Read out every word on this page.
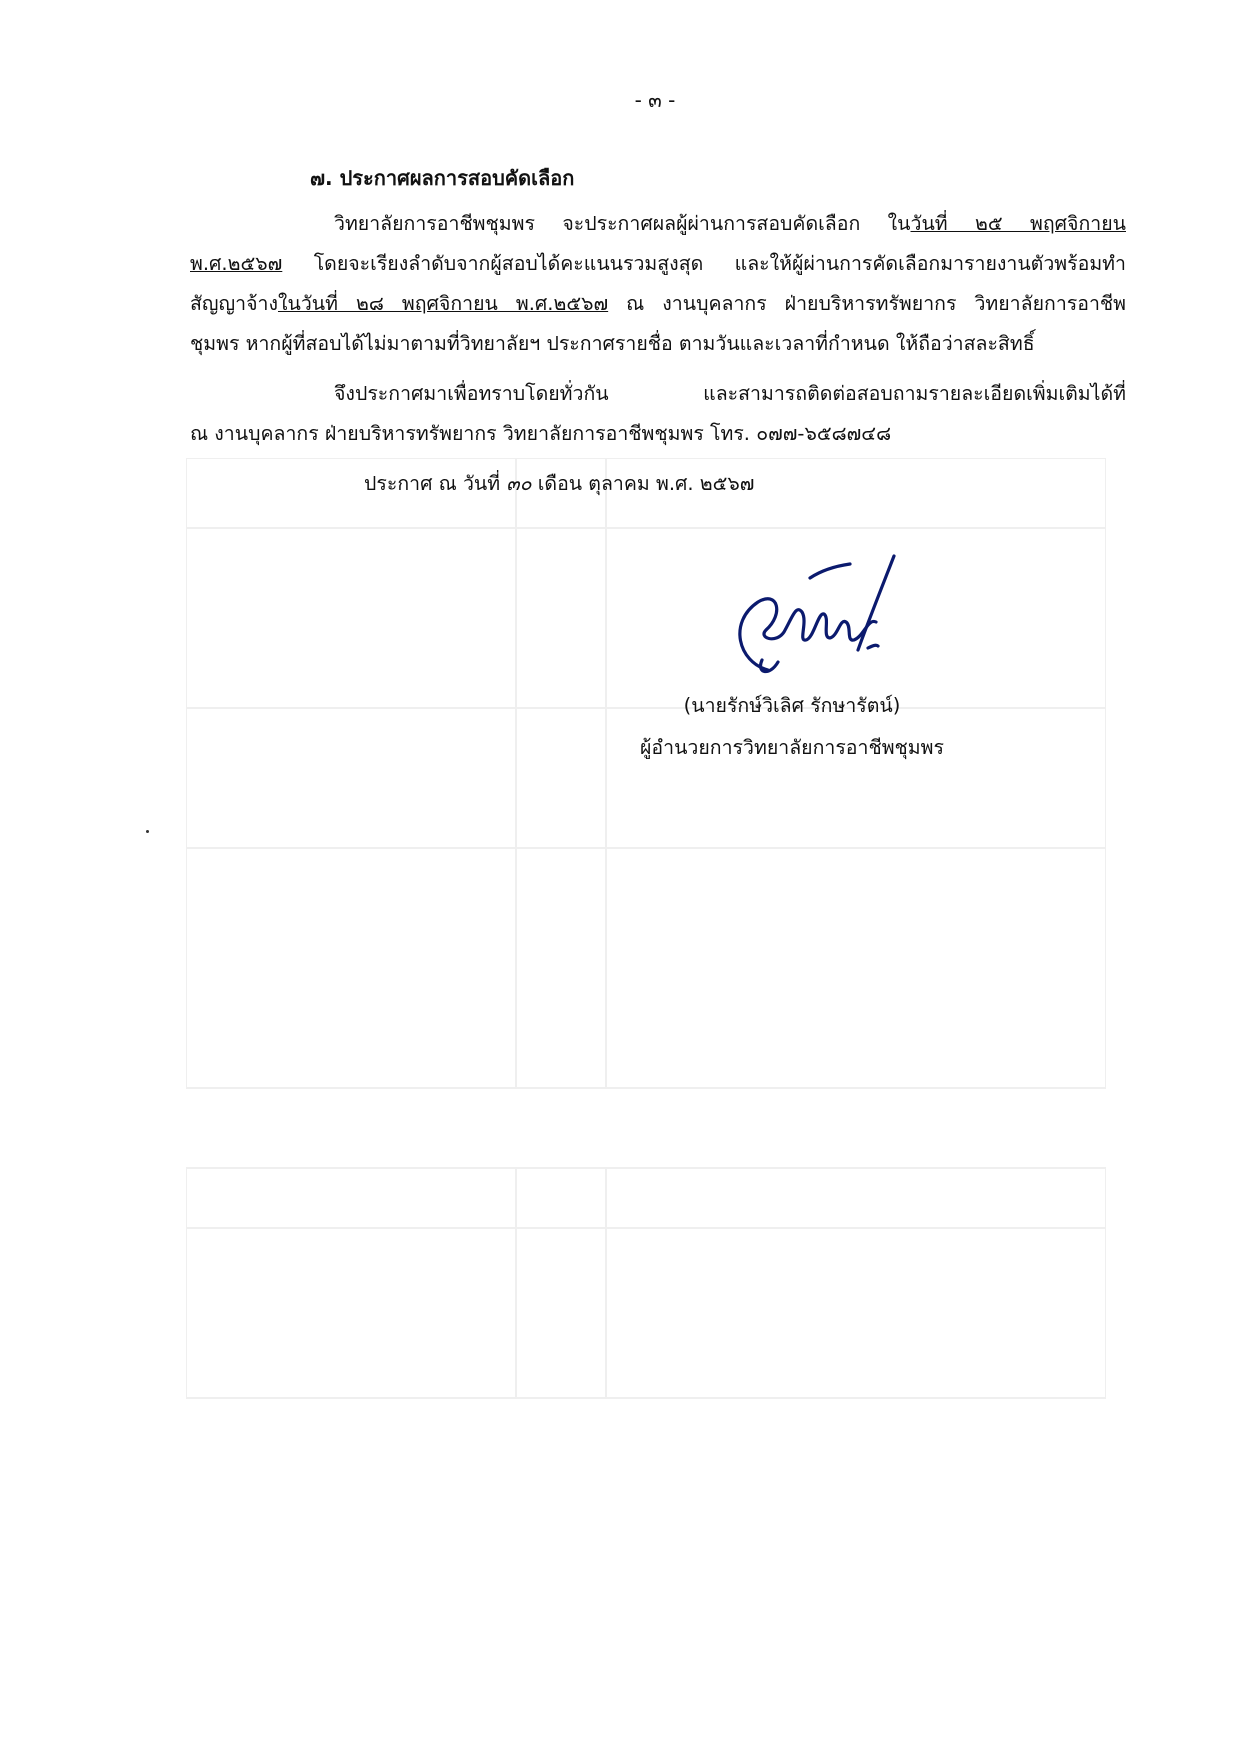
- ๓ -
๗. ประกาศผลการสอบคัดเลือก
วิทยาลัยการอาชีพชุมพร จะประกาศผลผู้ผ่านการสอบคัดเลือก ในวันที่ ๒๕ พฤศจิกายน
พ.ศ.๒๕๖๗ โดยจะเรียงลำดับจากผู้สอบได้คะแนนรวมสูงสุด และให้ผู้ผ่านการคัดเลือกมารายงานตัวพร้อมทำ
สัญญาจ้างในวันที่ ๒๘ พฤศจิกายน พ.ศ.๒๕๖๗ ณ งานบุคลากร ฝ่ายบริหารทรัพยากร วิทยาลัยการอาชีพ
ชุมพร หากผู้ที่สอบได้ไม่มาตามที่วิทยาลัยฯ ประกาศรายชื่อ ตามวันและเวลาที่กำหนด ให้ถือว่าสละสิทธิ์
จึงประกาศมาเพื่อทราบโดยทั่วกัน และสามารถติดต่อสอบถามรายละเอียดเพิ่มเติมได้ที่
ณ งานบุคลากร ฝ่ายบริหารทรัพยากร วิทยาลัยการอาชีพชุมพร โทร. ๐๗๗-๖๕๘๗๔๘
ประกาศ ณ วันที่ ๓๐ เดือน ตุลาคม พ.ศ. ๒๕๖๗
(นายรักษ์วิเลิศ รักษารัตน์)
ผู้อำนวยการวิทยาลัยการอาชีพชุมพร
